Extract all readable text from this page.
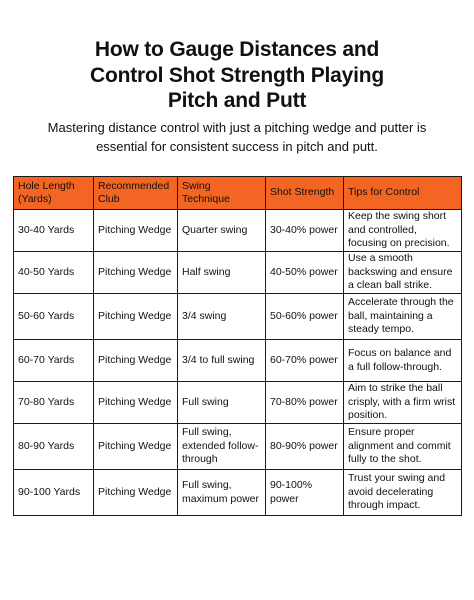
How to Gauge Distances and
Control Shot Strength Playing
Pitch and Putt
Mastering distance control with just a pitching wedge and putter is
essential for consistent success in pitch and putt.
Hole Length (Yards)	Recommended Club	Swing Technique	Shot Strength	Tips for Control
30-40 Yards	Pitching Wedge	Quarter swing	30-40% power	Keep the swing short and controlled, focusing on precision.
40-50 Yards	Pitching Wedge	Half swing	40-50% power	Use a smooth backswing and ensure a clean ball strike.
50-60 Yards	Pitching Wedge	3/4 swing	50-60% power	Accelerate through the ball, maintaining a steady tempo.
60-70 Yards	Pitching Wedge	3/4 to full swing	60-70% power	Focus on balance and a full follow-through.
70-80 Yards	Pitching Wedge	Full swing	70-80% power	Aim to strike the ball crisply, with a firm wrist position.
80-90 Yards	Pitching Wedge	Full swing, extended follow-through	80-90% power	Ensure proper alignment and commit fully to the shot.
90-100 Yards	Pitching Wedge	Full swing, maximum power	90-100% power	Trust your swing and avoid decelerating through impact.
